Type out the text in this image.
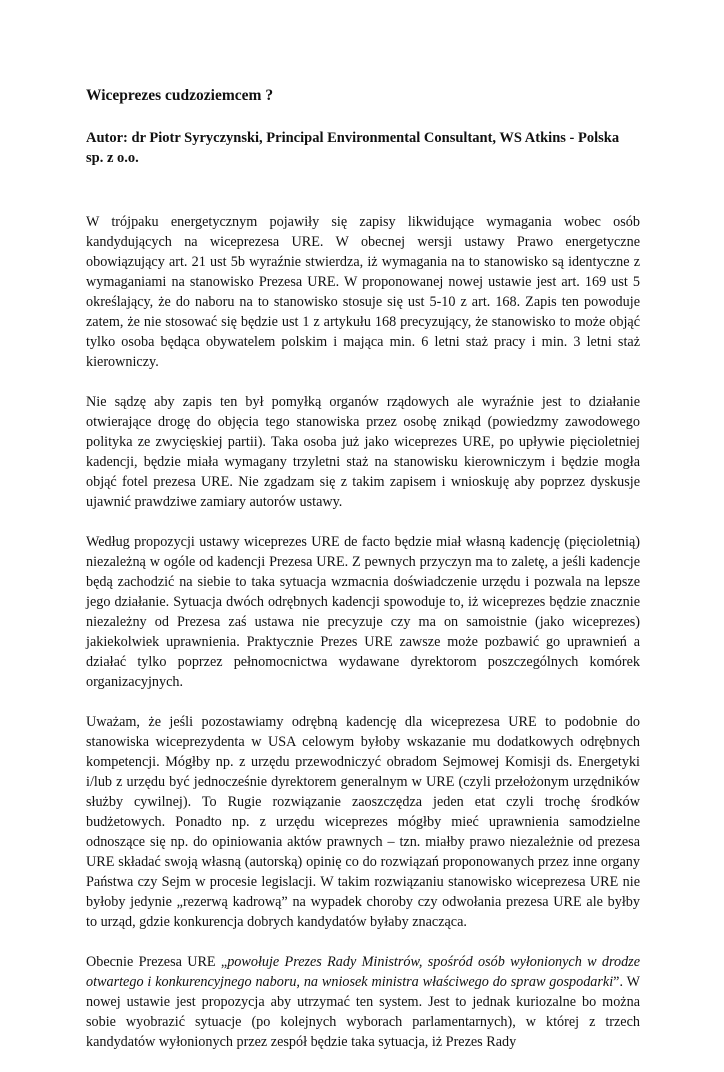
Wiceprezes cudzoziemcem ?
Autor: dr Piotr Syryczynski, Principal Environmental Consultant, WS Atkins - Polska sp. z o.o.

W trójpaku energetycznym pojawiły się zapisy likwidujące wymagania wobec osób kandydujących na wiceprezesa URE. W obecnej wersji ustawy Prawo energetyczne obowiązujący art. 21 ust 5b wyraźnie stwierdza, iż wymagania na to stanowisko są identyczne z wymaganiami na stanowisko Prezesa URE. W proponowanej nowej ustawie jest art. 169 ust 5 określający, że do naboru na to stanowisko stosuje się ust 5-10 z art. 168. Zapis ten powoduje zatem, że nie stosować się będzie ust 1 z artykułu 168 precyzujący, że stanowisko to może objąć tylko osoba będąca obywatelem polskim i mająca min. 6 letni staż pracy i min. 3 letni staż kierowniczy.

Nie sądzę aby zapis ten był pomyłką organów rządowych ale wyraźnie jest to działanie otwierające drogę do objęcia tego stanowiska przez osobę znikąd (powiedzmy zawodowego polityka ze zwycięskiej partii). Taka osoba już jako wiceprezes URE, po upływie pięcioletniej kadencji, będzie miała wymagany trzyletni staż na stanowisku kierowniczym i będzie mogła objąć fotel prezesa URE. Nie zgadzam się z takim zapisem i wnioskuję aby poprzez dyskusje ujawnić prawdziwe zamiary autorów ustawy.

Według propozycji ustawy wiceprezes URE de facto będzie miał własną kadencję (pięcioletnią) niezależną w ogóle od kadencji Prezesa URE. Z pewnych przyczyn ma to zaletę, a jeśli kadencje będą zachodzić na siebie to taka sytuacja wzmacnia doświadczenie urzędu i pozwala na lepsze jego działanie. Sytuacja dwóch odrębnych kadencji spowoduje to, iż wiceprezes będzie znacznie niezależny od Prezesa zaś ustawa nie precyzuje czy ma on samoistnie (jako wiceprezes) jakiekolwiek uprawnienia. Praktycznie Prezes URE zawsze może pozbawić go uprawnień a działać tylko poprzez pełnomocnictwa wydawane dyrektorom poszczególnych komórek organizacyjnych.

Uważam, że jeśli pozostawiamy odrębną kadencję dla wiceprezesa URE to podobnie do stanowiska wiceprezydenta w USA celowym byłoby wskazanie mu dodatkowych odrębnych kompetencji. Mógłby np. z urzędu przewodniczyć obradom Sejmowej Komisji ds. Energetyki i/lub z urzędu być jednocześnie dyrektorem generalnym w URE (czyli przełożonym urzędników służby cywilnej). To Rugie rozwiązanie zaoszczędza jeden etat czyli trochę środków budżetowych. Ponadto np. z urzędu wiceprezes mógłby mieć uprawnienia samodzielne odnoszące się np. do opiniowania aktów prawnych – tzn. miałby prawo niezależnie od prezesa URE składać swoją własną (autorską) opinię co do rozwiązań proponowanych przez inne organy Państwa czy Sejm w procesie legislacji. W takim rozwiązaniu stanowisko wiceprezesa URE nie byłoby jedynie „rezerwą kadrową” na wypadek choroby czy odwołania prezesa URE ale byłby to urząd, gdzie konkurencja dobrych kandydatów byłaby znacząca.

Obecnie Prezesa URE „powołuje Prezes Rady Ministrów, spośród osób wyłonionych w drodze otwartego i konkurencyjnego naboru, na wniosek ministra właściwego do spraw gospodarki”. W nowej ustawie jest propozycja aby utrzymać ten system. Jest to jednak kuriozalne bo można sobie wyobrazić sytuacje (po kolejnych wyborach parlamentarnych), w której z trzech kandydatów wyłonionych przez zespół będzie taka sytuacja, iż Prezes Rady
